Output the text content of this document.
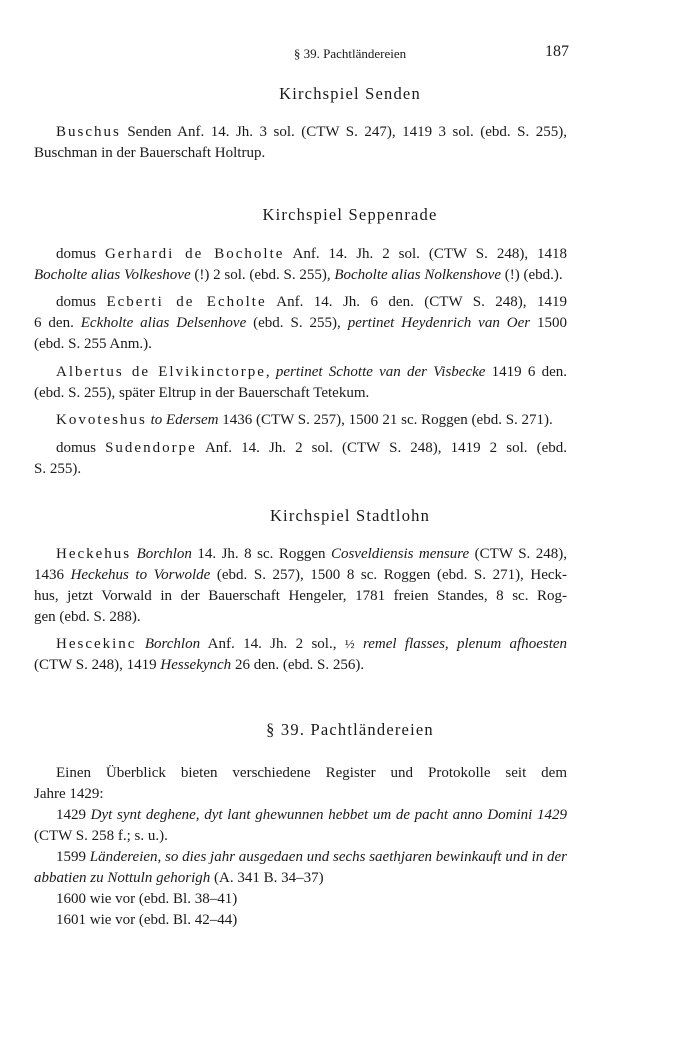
§ 39. Pachtländereien	187
Kirchspiel Senden
Buschus Senden Anf. 14. Jh. 3 sol. (CTW S. 247), 1419 3 sol. (ebd. S. 255),
Buschman in der Bauerschaft Holtrup.
Kirchspiel Seppenrade
domus Gerhardi de Bocholte Anf. 14. Jh. 2 sol. (CTW S. 248), 1418
Bocholte alias Volkeshove (!) 2 sol. (ebd. S. 255), Bocholte alias Nolkenshove (!) (ebd.).
domus Ecberti de Echolte Anf. 14. Jh. 6 den. (CTW S. 248), 1419
6 den. Eckholte alias Delsenhove (ebd. S. 255), pertinet Heydenrich van Oer 1500
(ebd. S. 255 Anm.).
Albertus de Elvikinctorpe, pertinet Schotte van der Visbecke 1419 6 den.
(ebd. S. 255), später Eltrup in der Bauerschaft Tetekum.
Kovoteshus to Edersem 1436 (CTW S. 257), 1500 21 sc. Roggen (ebd. S. 271).
domus Sudendorpe Anf. 14. Jh. 2 sol. (CTW S. 248), 1419 2 sol. (ebd.
S. 255).
Kirchspiel Stadtlohn
Heckehus Borchlon 14. Jh. 8 sc. Roggen Cosveldiensis mensure (CTW S. 248),
1436 Heckehus to Vorwolde (ebd. S. 257), 1500 8 sc. Roggen (ebd. S. 271), Heck-
hus, jetzt Vorwald in der Bauerschaft Hengeler, 1781 freien Standes, 8 sc. Rog-
gen (ebd. S. 288).
Hescekinc Borchlon Anf. 14. Jh. 2 sol., ½ remel flasses, plenum afhoesten
(CTW S. 248), 1419 Hessekynch 26 den. (ebd. S. 256).
§ 39. Pachtländereien
Einen Überblick bieten verschiedene Register und Protokolle seit dem
Jahre 1429:
1429 Dyt synt deghene, dyt lant ghewunnen hebbet um de pacht anno Domini 1429
(CTW S. 258 f.; s. u.).
1599 Ländereien, so dies jahr ausgedaen und sechs saethjaren bewinkauft und in der
abbatien zu Nottuln gehorigh (A. 341 B. 34–37)
1600 wie vor (ebd. Bl. 38–41)
1601 wie vor (ebd. Bl. 42–44)
